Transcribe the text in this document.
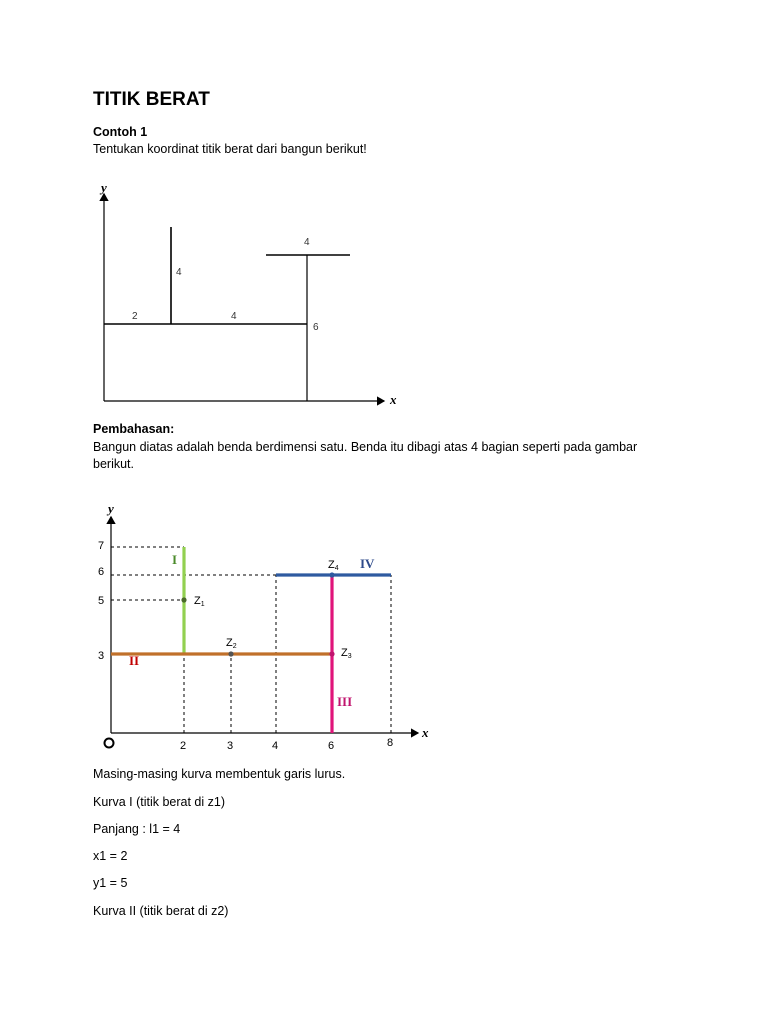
TITIK BERAT
Contoh 1
Tentukan koordinat titik berat dari bangun berikut!
y
x
4
4
2	4
6
Pembahasan:
Bangun diatas adalah benda berdimensi satu. Benda itu dibagi atas 4 bagian seperti pada gambar
berikut.
y
x
7
6
5
3
2	3	4	6	8
I
II
III
IV
Z1
Z2
Z3
Z4
Masing-masing kurva membentuk garis lurus.
Kurva I (titik berat di z1)
Panjang : l1 = 4
x1 = 2
y1 = 5
Kurva II (titik berat di z2)
